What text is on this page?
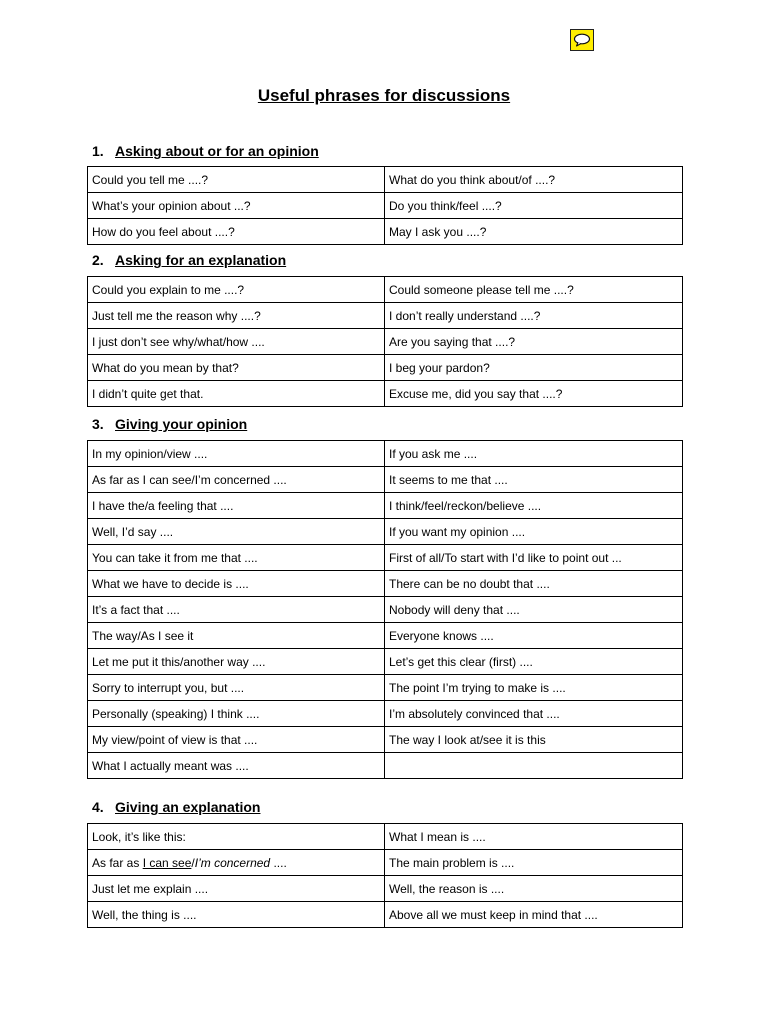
Useful phrases for discussions
1. Asking about or for an opinion
Could you tell me ....?	What do you think about/of ....?
What’s your opinion about ...?	Do you think/feel ....?
How do you feel about ....?	May I ask you ....?
2. Asking for an explanation
Could you explain to me ....?	Could someone please tell me ....?
Just tell me the reason why ....?	I don’t really understand ....?
I just don’t see why/what/how ....	Are you saying that ....?
What do you mean by that?	I beg your pardon?
I didn’t quite get that.	Excuse me, did you say that ....?
3. Giving your opinion
In my opinion/view ....	If you ask me ....
As far as I can see/I’m concerned ....	It seems to me that ....
I have the/a feeling that ....	I think/feel/reckon/believe ....
Well, I’d say ....	If you want my opinion ....
You can take it from me that ....	First of all/To start with I’d like to point out ...
What we have to decide is ....	There can be no doubt that ....
It’s a fact that ....	Nobody will deny that ....
The way/As I see it	Everyone knows ....
Let me put it this/another way ....	Let’s get this clear (first) ....
Sorry to interrupt you, but ....	The point I’m trying to make is ....
Personally (speaking) I think ....	I’m absolutely convinced that ....
My view/point of view is that ....	The way I look at/see it is this
What I actually meant was ....	
4. Giving an explanation
Look, it’s like this:	What I mean is ....
As far as I can see/I’m concerned ....	The main problem is ....
Just let me explain ....	Well, the reason is ....
Well, the thing is ....	Above all we must keep in mind that ....
